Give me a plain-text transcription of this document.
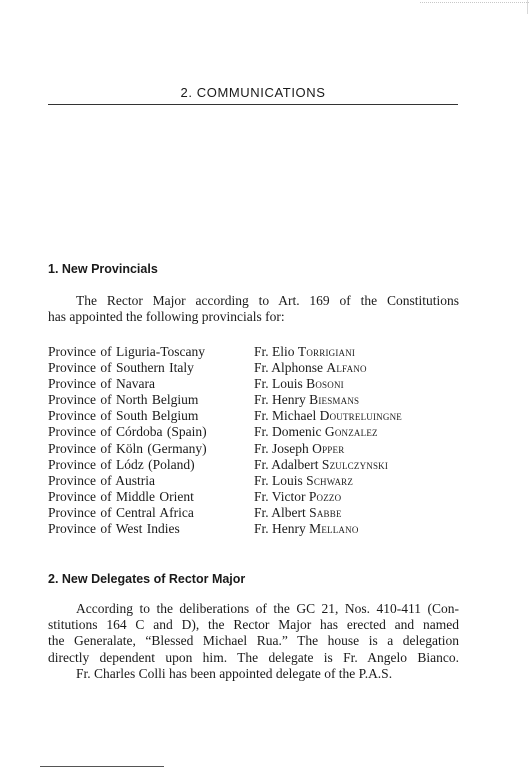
2. COMMUNICATIONS
1. New Provincials
The Rector Major according to Art. 169 of the Constitutions
has appointed the following provincials for:
Province of Liguria-Toscany	Fr. Elio Torrigiani
Province of Southern Italy	Fr. Alphonse Alfano
Province of Navara	Fr. Louis Bosoni
Province of North Belgium	Fr. Henry Biesmans
Province of South Belgium	Fr. Michael Doutreluingne
Province of Córdoba (Spain)	Fr. Domenic Gonzalez
Province of Köln (Germany)	Fr. Joseph Opper
Province of Lódz (Poland)	Fr. Adalbert Szulczynski
Province of Austria	Fr. Louis Schwarz
Province of Middle Orient	Fr. Victor Pozzo
Province of Central Africa	Fr. Albert Sabbe
Province of West Indies	Fr. Henry Mellano
2. New Delegates of Rector Major
According to the deliberations of the GC 21, Nos. 410-411 (Con-
stitutions 164 C and D), the Rector Major has erected and named
the Generalate, “Blessed Michael Rua.” The house is a delegation
directly dependent upon him. The delegate is Fr. Angelo Bianco.
Fr. Charles Colli has been appointed delegate of the P.A.S.
